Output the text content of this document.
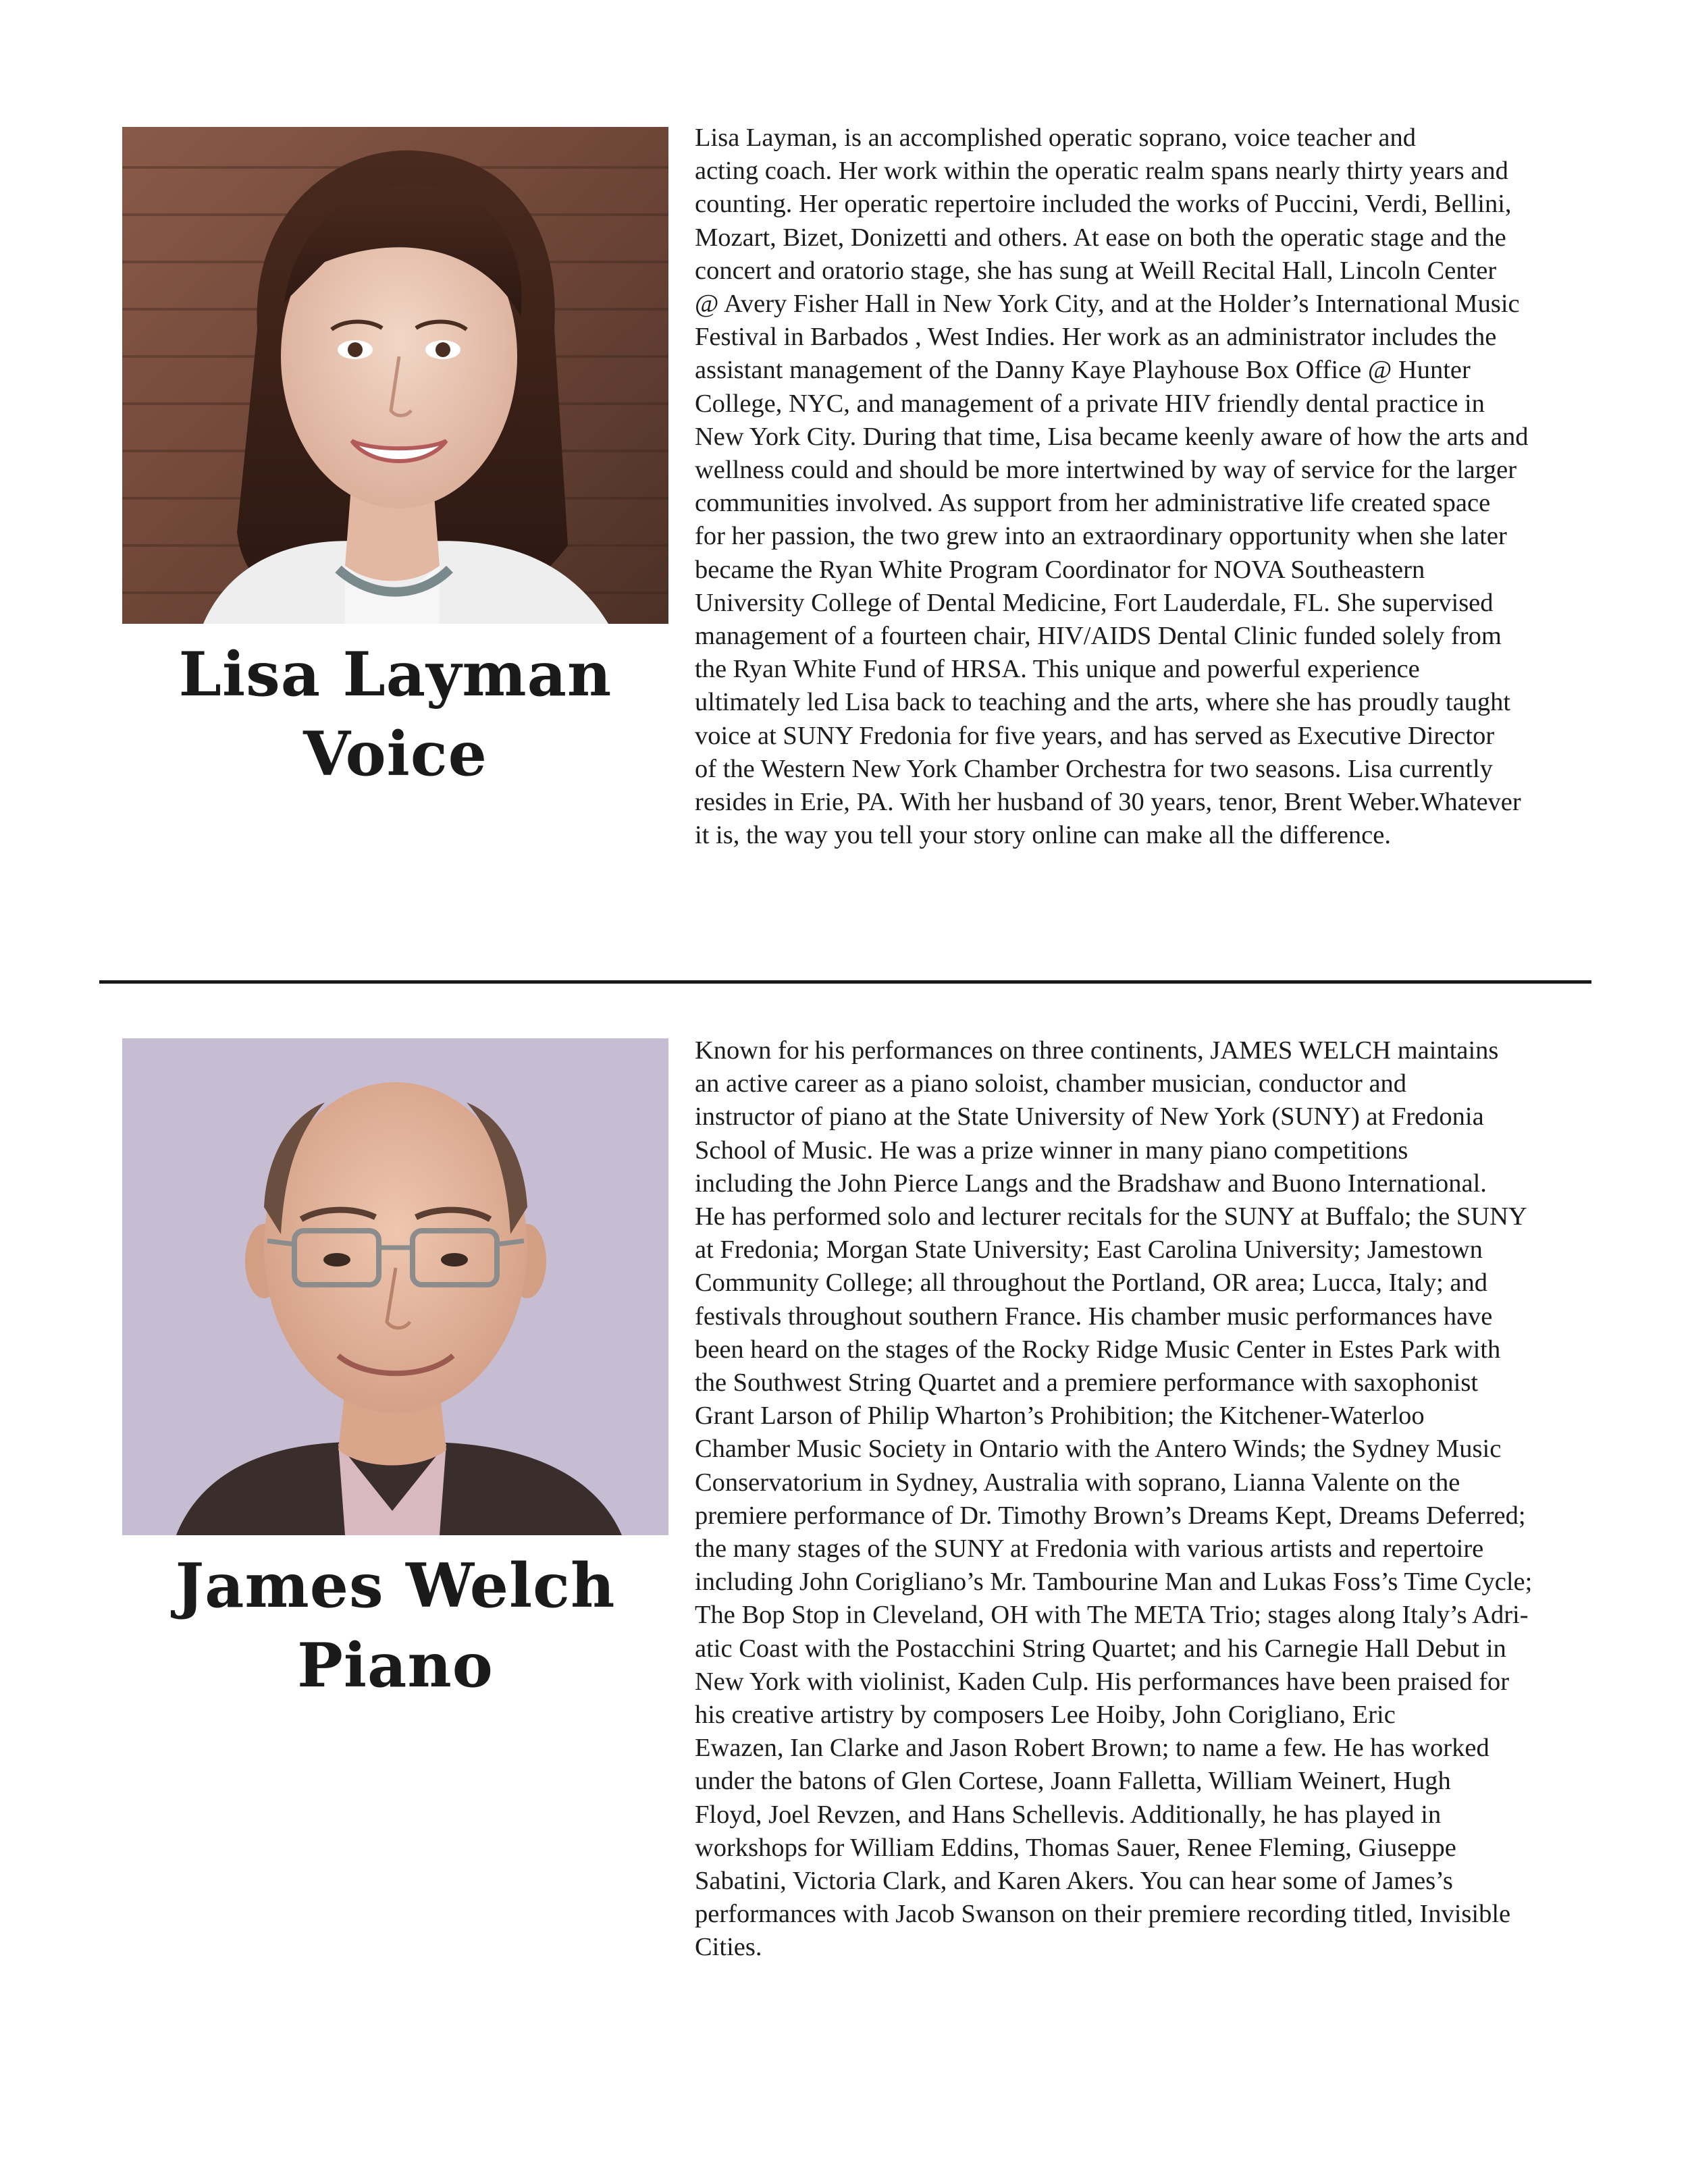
Lisa Layman
Voice

Lisa Layman, is an accomplished operatic soprano, voice teacher and
acting coach. Her work within the operatic realm spans nearly thirty years and
counting. Her operatic repertoire included the works of Puccini, Verdi, Bellini,
Mozart, Bizet, Donizetti and others. At ease on both the operatic stage and the
concert and oratorio stage, she has sung at Weill Recital Hall, Lincoln Center
@ Avery Fisher Hall in New York City, and at the Holder’s International Music
Festival in Barbados , West Indies. Her work as an administrator includes the
assistant management of the Danny Kaye Playhouse Box Office @ Hunter
College, NYC, and management of a private HIV friendly dental practice in
New York City. During that time, Lisa became keenly aware of how the arts and
wellness could and should be more intertwined by way of service for the larger
communities involved. As support from her administrative life created space
for her passion, the two grew into an extraordinary opportunity when she later
became the Ryan White Program Coordinator for NOVA Southeastern
University College of Dental Medicine, Fort Lauderdale, FL. She supervised
management of a fourteen chair, HIV/AIDS Dental Clinic funded solely from
the Ryan White Fund of HRSA. This unique and powerful experience
ultimately led Lisa back to teaching and the arts, where she has proudly taught
voice at SUNY Fredonia for five years, and has served as Executive Director
of the Western New York Chamber Orchestra for two seasons. Lisa currently
resides in Erie, PA. With her husband of 30 years, tenor, Brent Weber.Whatever
it is, the way you tell your story online can make all the difference.

James Welch
Piano

Known for his performances on three continents, JAMES WELCH maintains
an active career as a piano soloist, chamber musician, conductor and
instructor of piano at the State University of New York (SUNY) at Fredonia
School of Music. He was a prize winner in many piano competitions
including the John Pierce Langs and the Bradshaw and Buono International.
He has performed solo and lecturer recitals for the SUNY at Buffalo; the SUNY
at Fredonia; Morgan State University; East Carolina University; Jamestown
Community College; all throughout the Portland, OR area; Lucca, Italy; and
festivals throughout southern France. His chamber music performances have
been heard on the stages of the Rocky Ridge Music Center in Estes Park with
the Southwest String Quartet and a premiere performance with saxophonist
Grant Larson of Philip Wharton’s Prohibition; the Kitchener-Waterloo
Chamber Music Society in Ontario with the Antero Winds; the Sydney Music
Conservatorium in Sydney, Australia with soprano, Lianna Valente on the
premiere performance of Dr. Timothy Brown’s Dreams Kept, Dreams Deferred;
the many stages of the SUNY at Fredonia with various artists and repertoire
including John Corigliano’s Mr. Tambourine Man and Lukas Foss’s Time Cycle;
The Bop Stop in Cleveland, OH with The META Trio; stages along Italy’s Adri-
atic Coast with the Postacchini String Quartet; and his Carnegie Hall Debut in
New York with violinist, Kaden Culp. His performances have been praised for
his creative artistry by composers Lee Hoiby, John Corigliano, Eric
Ewazen, Ian Clarke and Jason Robert Brown; to name a few. He has worked
under the batons of Glen Cortese, Joann Falletta, William Weinert, Hugh
Floyd, Joel Revzen, and Hans Schellevis. Additionally, he has played in
workshops for William Eddins, Thomas Sauer, Renee Fleming, Giuseppe
Sabatini, Victoria Clark, and Karen Akers. You can hear some of James’s
performances with Jacob Swanson on their premiere recording titled, Invisible
Cities.
